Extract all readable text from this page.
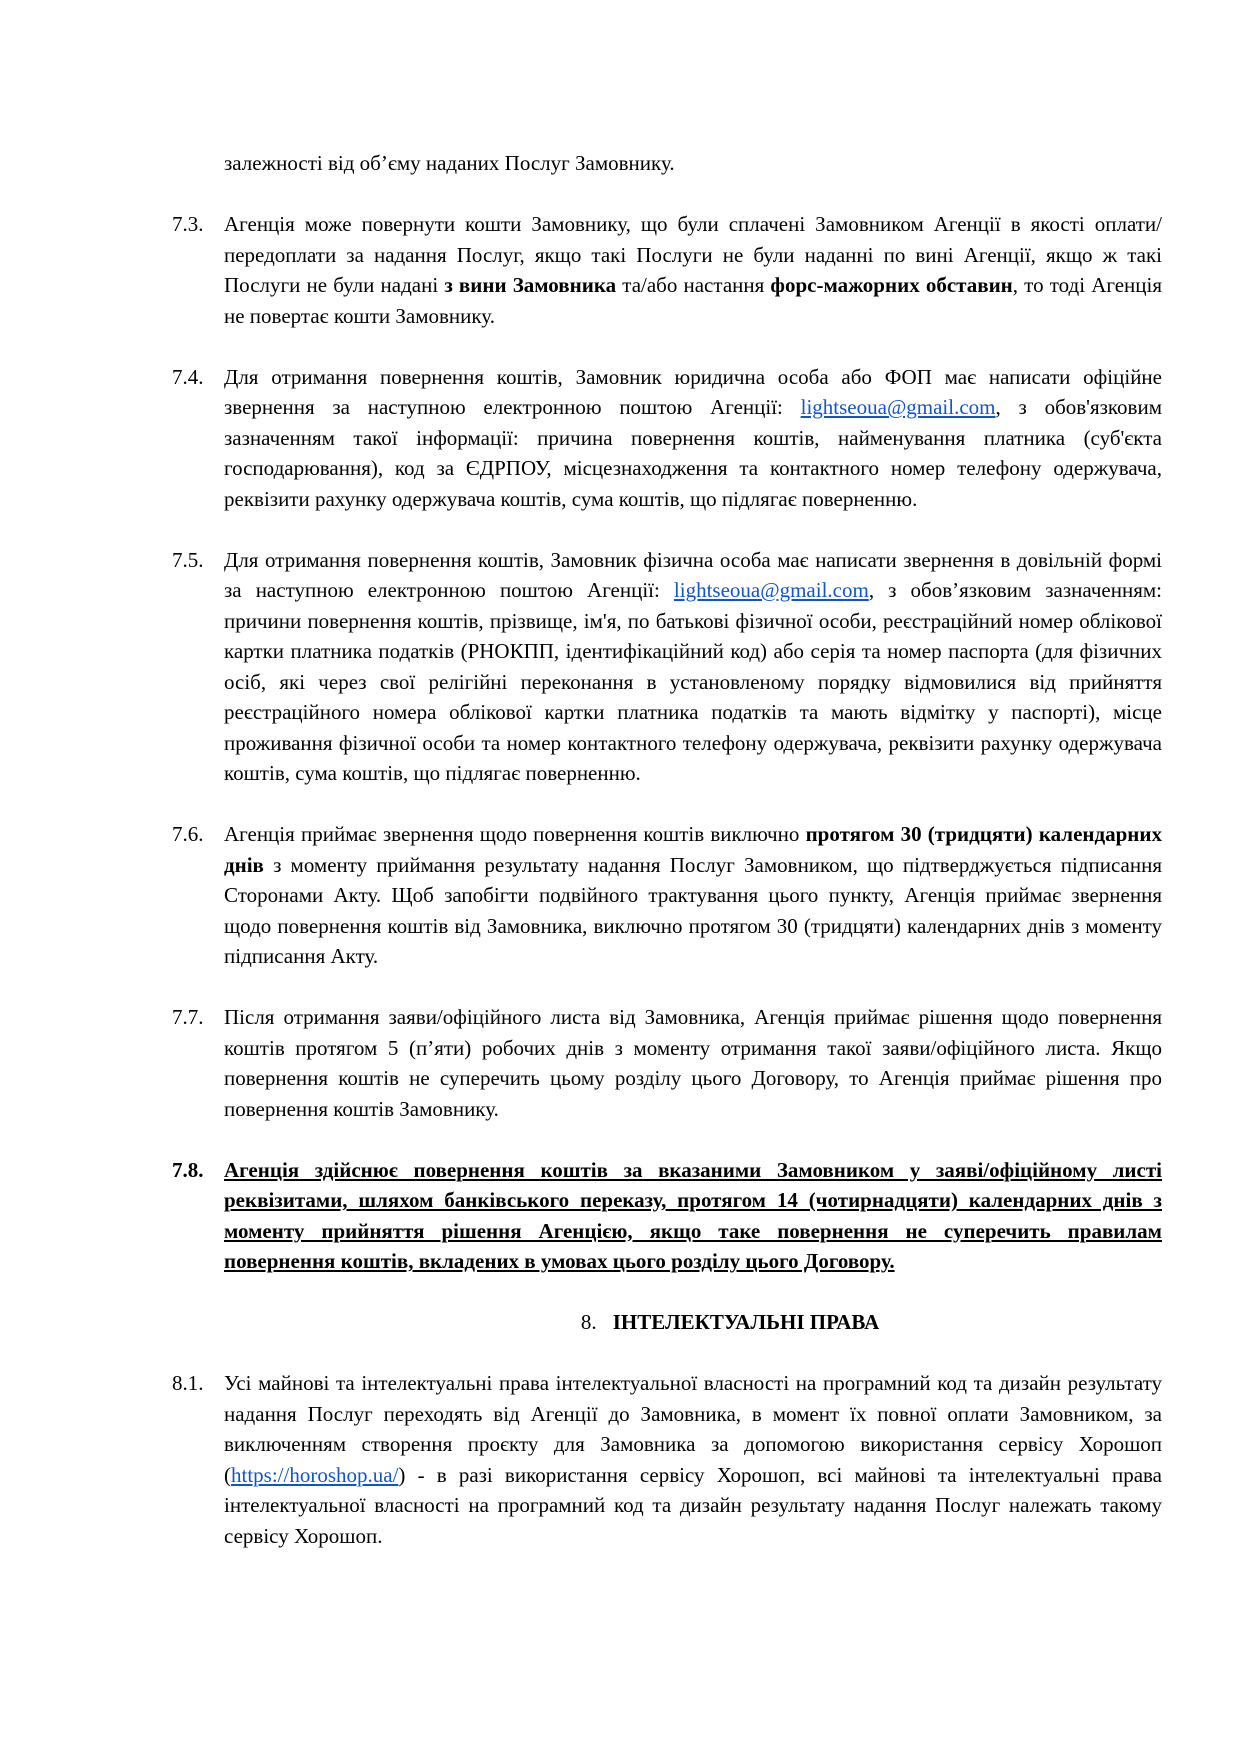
залежності від об’єму наданих Послуг Замовнику.
7.3. Агенція може повернути кошти Замовнику, що були сплачені Замовником Агенції в якості оплати/передоплати за надання Послуг, якщо такі Послуги не були наданні по вині Агенції, якщо ж такі Послуги не були надані з вини Замовника та/або настання форс-мажорних обставин, то тоді Агенція не повертає кошти Замовнику.
7.4. Для отримання повернення коштів, Замовник юридична особа або ФОП має написати офіційне звернення за наступною електронною поштою Агенції: lightseoua@gmail.com, з обов'язковим зазначенням такої інформації: причина повернення коштів, найменування платника (суб'єкта господарювання), код за ЄДРПОУ, місцезнаходження та контактного номер телефону одержувача, реквізити рахунку одержувача коштів, сума коштів, що підлягає поверненню.
7.5. Для отримання повернення коштів, Замовник фізична особа має написати звернення в довільній формі за наступною електронною поштою Агенції: lightseoua@gmail.com, з обов’язковим зазначенням: причини повернення коштів, прізвище, ім'я, по батькові фізичної особи, реєстраційний номер облікової картки платника податків (РНОКПП, ідентифікаційний код) або серія та номер паспорта (для фізичних осіб, які через свої релігійні переконання в установленому порядку відмовилися від прийняття реєстраційного номера облікової картки платника податків та мають відмітку у паспорті), місце проживання фізичної особи та номер контактного телефону одержувача, реквізити рахунку одержувача коштів, сума коштів, що підлягає поверненню.
7.6. Агенція приймає звернення щодо повернення коштів виключно протягом 30 (тридцяти) календарних днів з моменту приймання результату надання Послуг Замовником, що підтверджується підписання Сторонами Акту. Щоб запобігти подвійного трактування цього пункту, Агенція приймає звернення щодо повернення коштів від Замовника, виключно протягом 30 (тридцяти) календарних днів з моменту підписання Акту.
7.7. Після отримання заяви/офіційного листа від Замовника, Агенція приймає рішення щодо повернення коштів протягом 5 (п’яти) робочих днів з моменту отримання такої заяви/офіційного листа. Якщо повернення коштів не суперечить цьому розділу цього Договору, то Агенція приймає рішення про повернення коштів Замовнику.
7.8. Агенція здійснює повернення коштів за вказаними Замовником у заяві/офіційному листі реквізитами, шляхом банківського переказу, протягом 14 (чотирнадцяти) календарних днів з моменту прийняття рішення Агенцією, якщо таке повернення не суперечить правилам повернення коштів, вкладених в умовах цього розділу цього Договору.
8. ІНТЕЛЕКТУАЛЬНІ ПРАВА
8.1. Усі майнові та інтелектуальні права інтелектуальної власності на програмний код та дизайн результату надання Послуг переходять від Агенції до Замовника, в момент їх повної оплати Замовником, за виключенням створення проєкту для Замовника за допомогою використання сервісу Хорошоп (https://horoshop.ua/) - в разі використання сервісу Хорошоп, всі майнові та інтелектуальні права інтелектуальної власності на програмний код та дизайн результату надання Послуг належать такому сервісу Хорошоп.
